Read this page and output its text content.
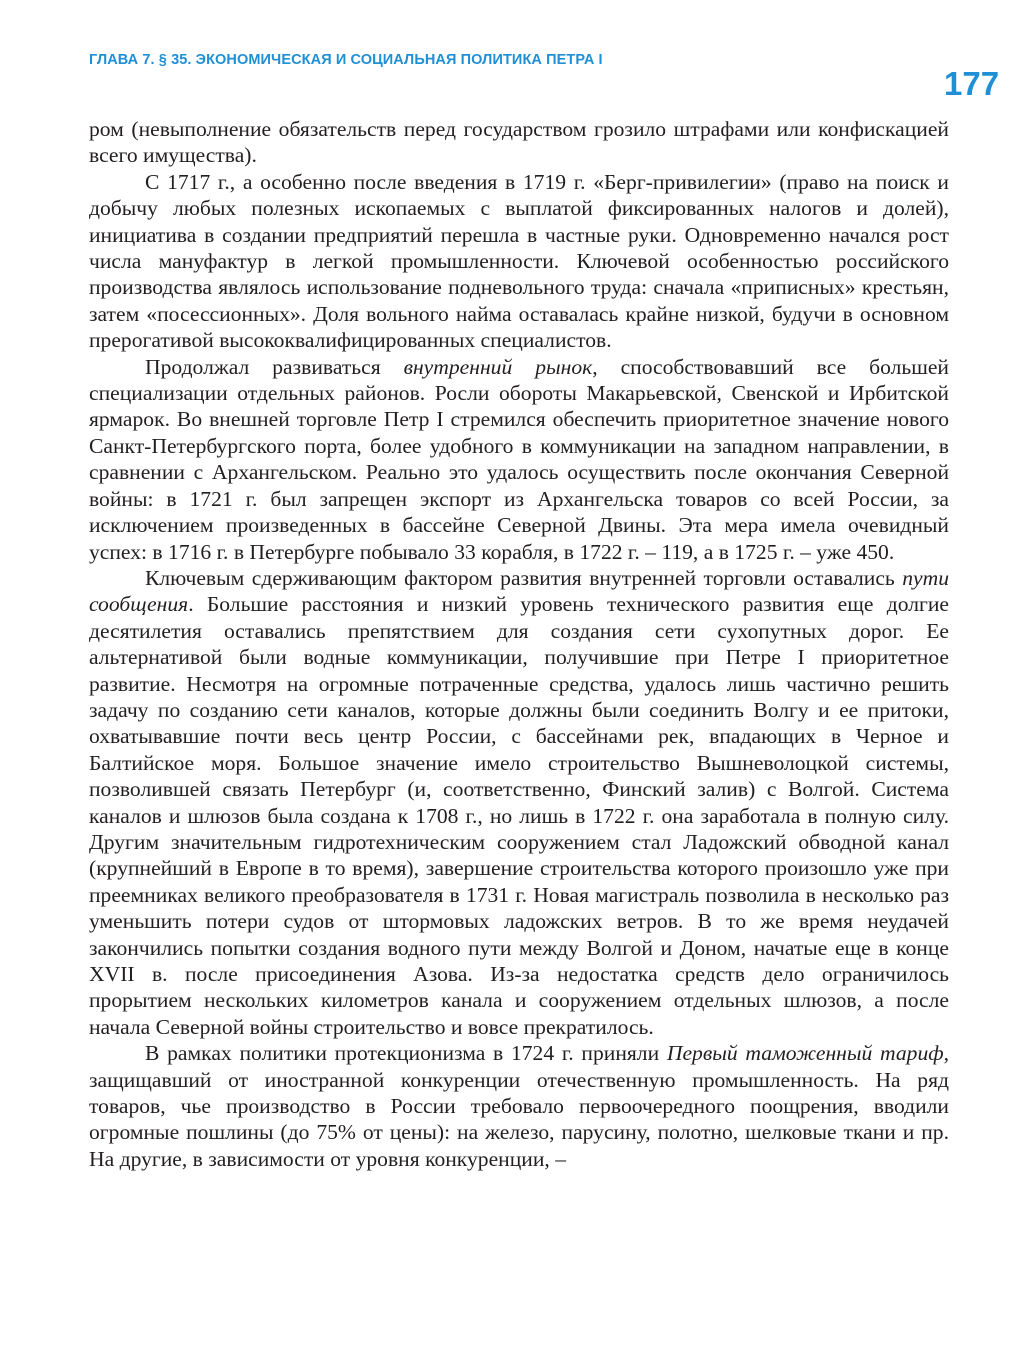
ГЛАВА 7. § 35. ЭКОНОМИЧЕСКАЯ И СОЦИАЛЬНАЯ ПОЛИТИКА ПЕТРА I
177

ром (невыполнение обязательств перед государством грозило штрафами или конфискацией всего имущества).

С 1717 г., а особенно после введения в 1719 г. «Берг-привилегии» (право на поиск и добычу любых полезных ископаемых с выплатой фиксированных налогов и долей), инициатива в создании предприятий перешла в частные руки. Одновременно начался рост числа мануфактур в легкой промышленности. Ключевой особенностью российского производства являлось использование подневольного труда: сначала «приписных» крестьян, затем «посессионных». Доля вольного найма оставалась крайне низкой, будучи в основном прерогативой высококвалифицированных специалистов.

Продолжал развиваться внутренний рынок, способствовавший все большей специализации отдельных районов. Росли обороты Макарьевской, Свенской и Ирбитской ярмарок. Во внешней торговле Петр I стремился обеспечить приоритетное значение нового Санкт-Петербургского порта, более удобного в коммуникации на западном направлении, в сравнении с Архангельском. Реально это удалось осуществить после окончания Северной войны: в 1721 г. был запрещен экспорт из Архангельска товаров со всей России, за исключением произведенных в бассейне Северной Двины. Эта мера имела очевидный успех: в 1716 г. в Петербурге побывало 33 корабля, в 1722 г. – 119, а в 1725 г. – уже 450.

Ключевым сдерживающим фактором развития внутренней торговли оставались пути сообщения. Большие расстояния и низкий уровень технического развития еще долгие десятилетия оставались препятствием для создания сети сухопутных дорог. Ее альтернативой были водные коммуникации, получившие при Петре I приоритетное развитие. Несмотря на огромные потраченные средства, удалось лишь частично решить задачу по созданию сети каналов, которые должны были соединить Волгу и ее притоки, охватывавшие почти весь центр России, с бассейнами рек, впадающих в Черное и Балтийское моря. Большое значение имело строительство Вышневолоцкой системы, позволившей связать Петербург (и, соответственно, Финский залив) с Волгой. Система каналов и шлюзов была создана к 1708 г., но лишь в 1722 г. она заработала в полную силу. Другим значительным гидротехническим сооружением стал Ладожский обводной канал (крупнейший в Европе в то время), завершение строительства которого произошло уже при преемниках великого преобразователя в 1731 г. Новая магистраль позволила в несколько раз уменьшить потери судов от штормовых ладожских ветров. В то же время неудачей закончились попытки создания водного пути между Волгой и Доном, начатые еще в конце XVII в. после присоединения Азова. Из-за недостатка средств дело ограничилось прорытием нескольких километров канала и сооружением отдельных шлюзов, а после начала Северной войны строительство и вовсе прекратилось.

В рамках политики протекционизма в 1724 г. приняли Первый таможенный тариф, защищавший от иностранной конкуренции отечественную промышленность. На ряд товаров, чье производство в России требовало первоочередного поощрения, вводили огромные пошлины (до 75% от цены): на железо, парусину, полотно, шелковые ткани и пр. На другие, в зависимости от уровня конкуренции, –
